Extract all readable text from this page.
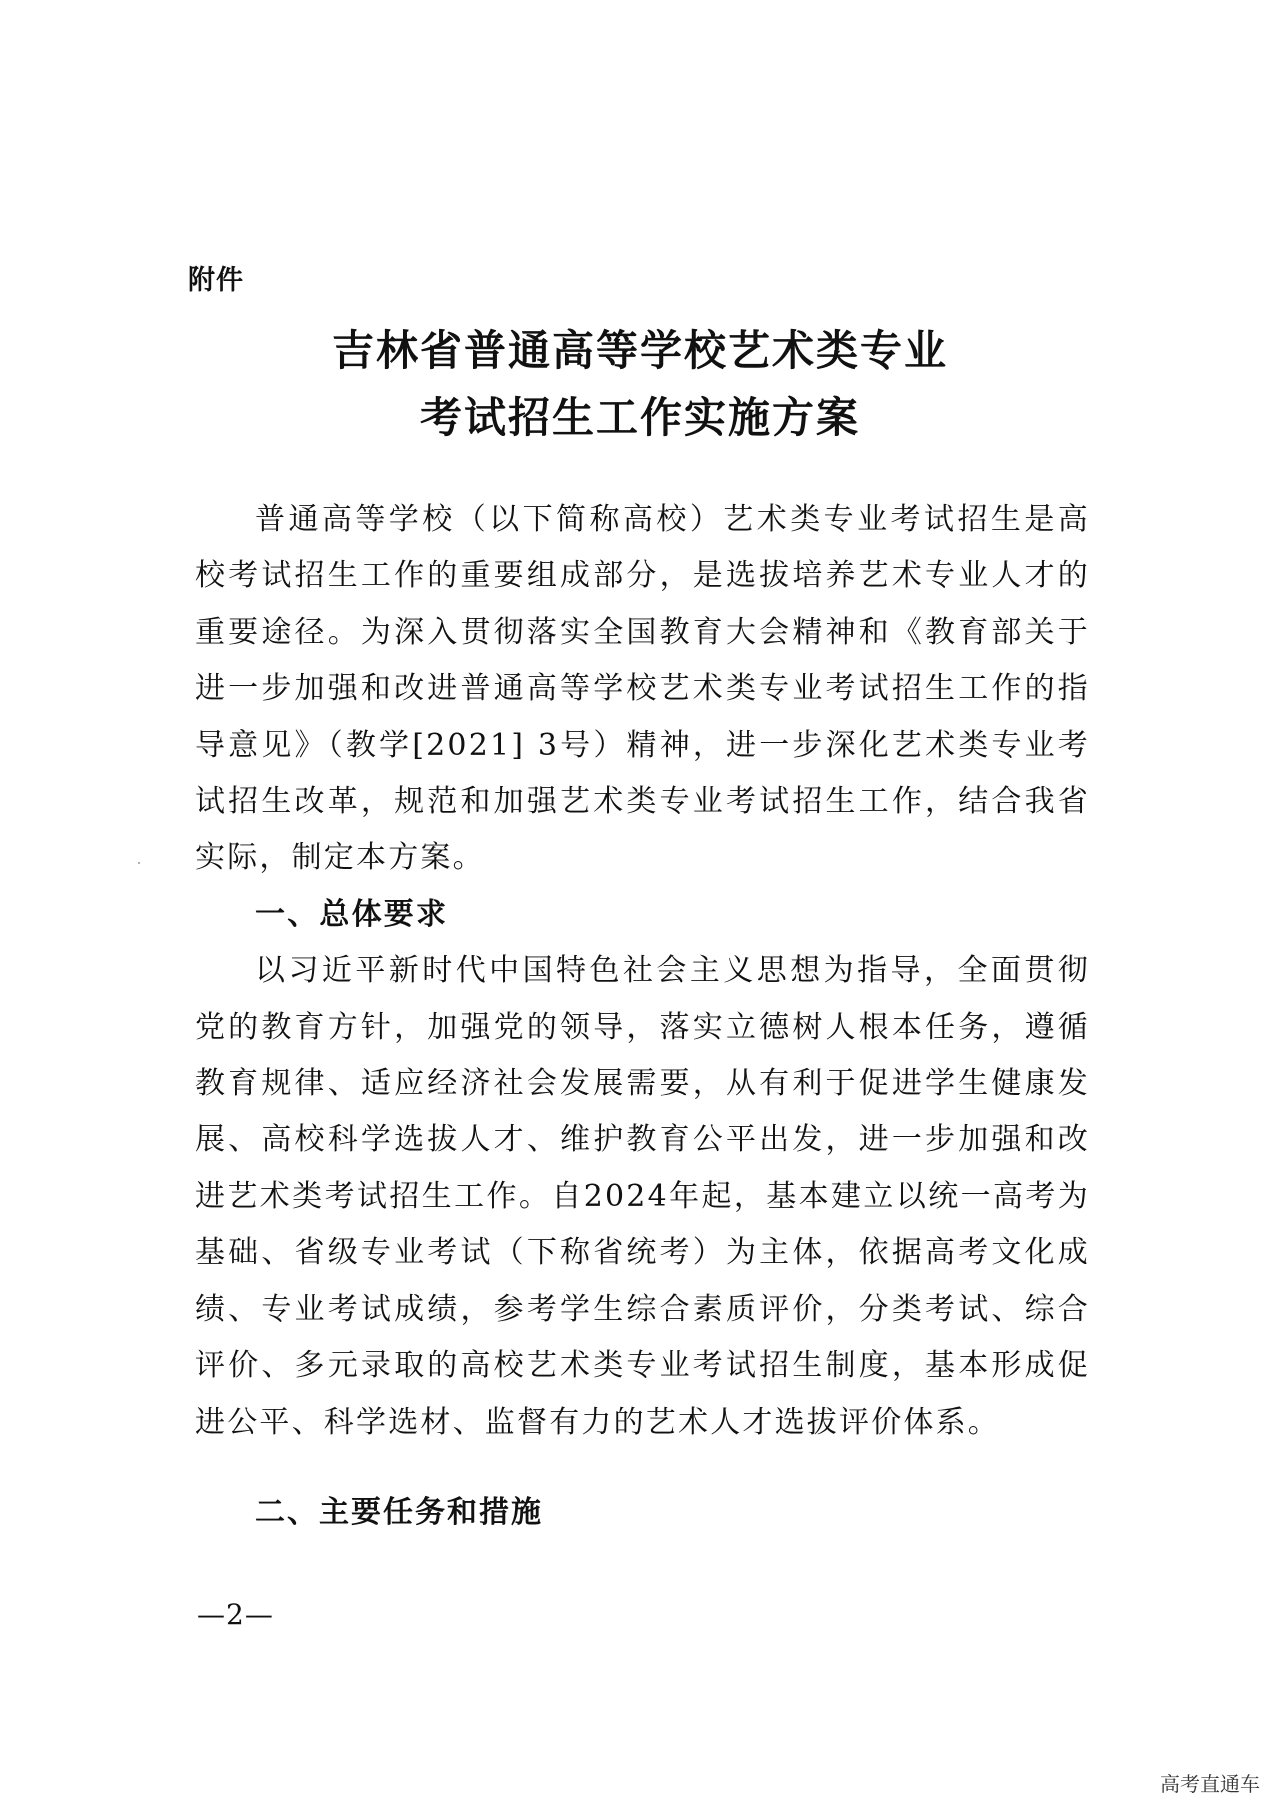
附件
吉林省普通高等学校艺术类专业
考试招生工作实施方案

普通高等学校（以下简称高校）艺术类专业考试招生是高校考试招生工作的重要组成部分，是选拔培养艺术专业人才的重要途径。为深入贯彻落实全国教育大会精神和《教育部关于进一步加强和改进普通高等学校艺术类专业考试招生工作的指导意见》（教学[2021] 3号）精神，进一步深化艺术类专业考试招生改革，规范和加强艺术类专业考试招生工作，结合我省实际，制定本方案。

一、总体要求

以习近平新时代中国特色社会主义思想为指导，全面贯彻党的教育方针，加强党的领导，落实立德树人根本任务，遵循教育规律、适应经济社会发展需要，从有利于促进学生健康发展、高校科学选拔人才、维护教育公平出发，进一步加强和改进艺术类考试招生工作。自2024年起，基本建立以统一高考为基础、省级专业考试（下称省统考）为主体，依据高考文化成绩、专业考试成绩，参考学生综合素质评价，分类考试、综合评价、多元录取的高校艺术类专业考试招生制度，基本形成促进公平、科学选材、监督有力的艺术人才选拔评价体系。

二、主要任务和措施
—2—
高考直通车
